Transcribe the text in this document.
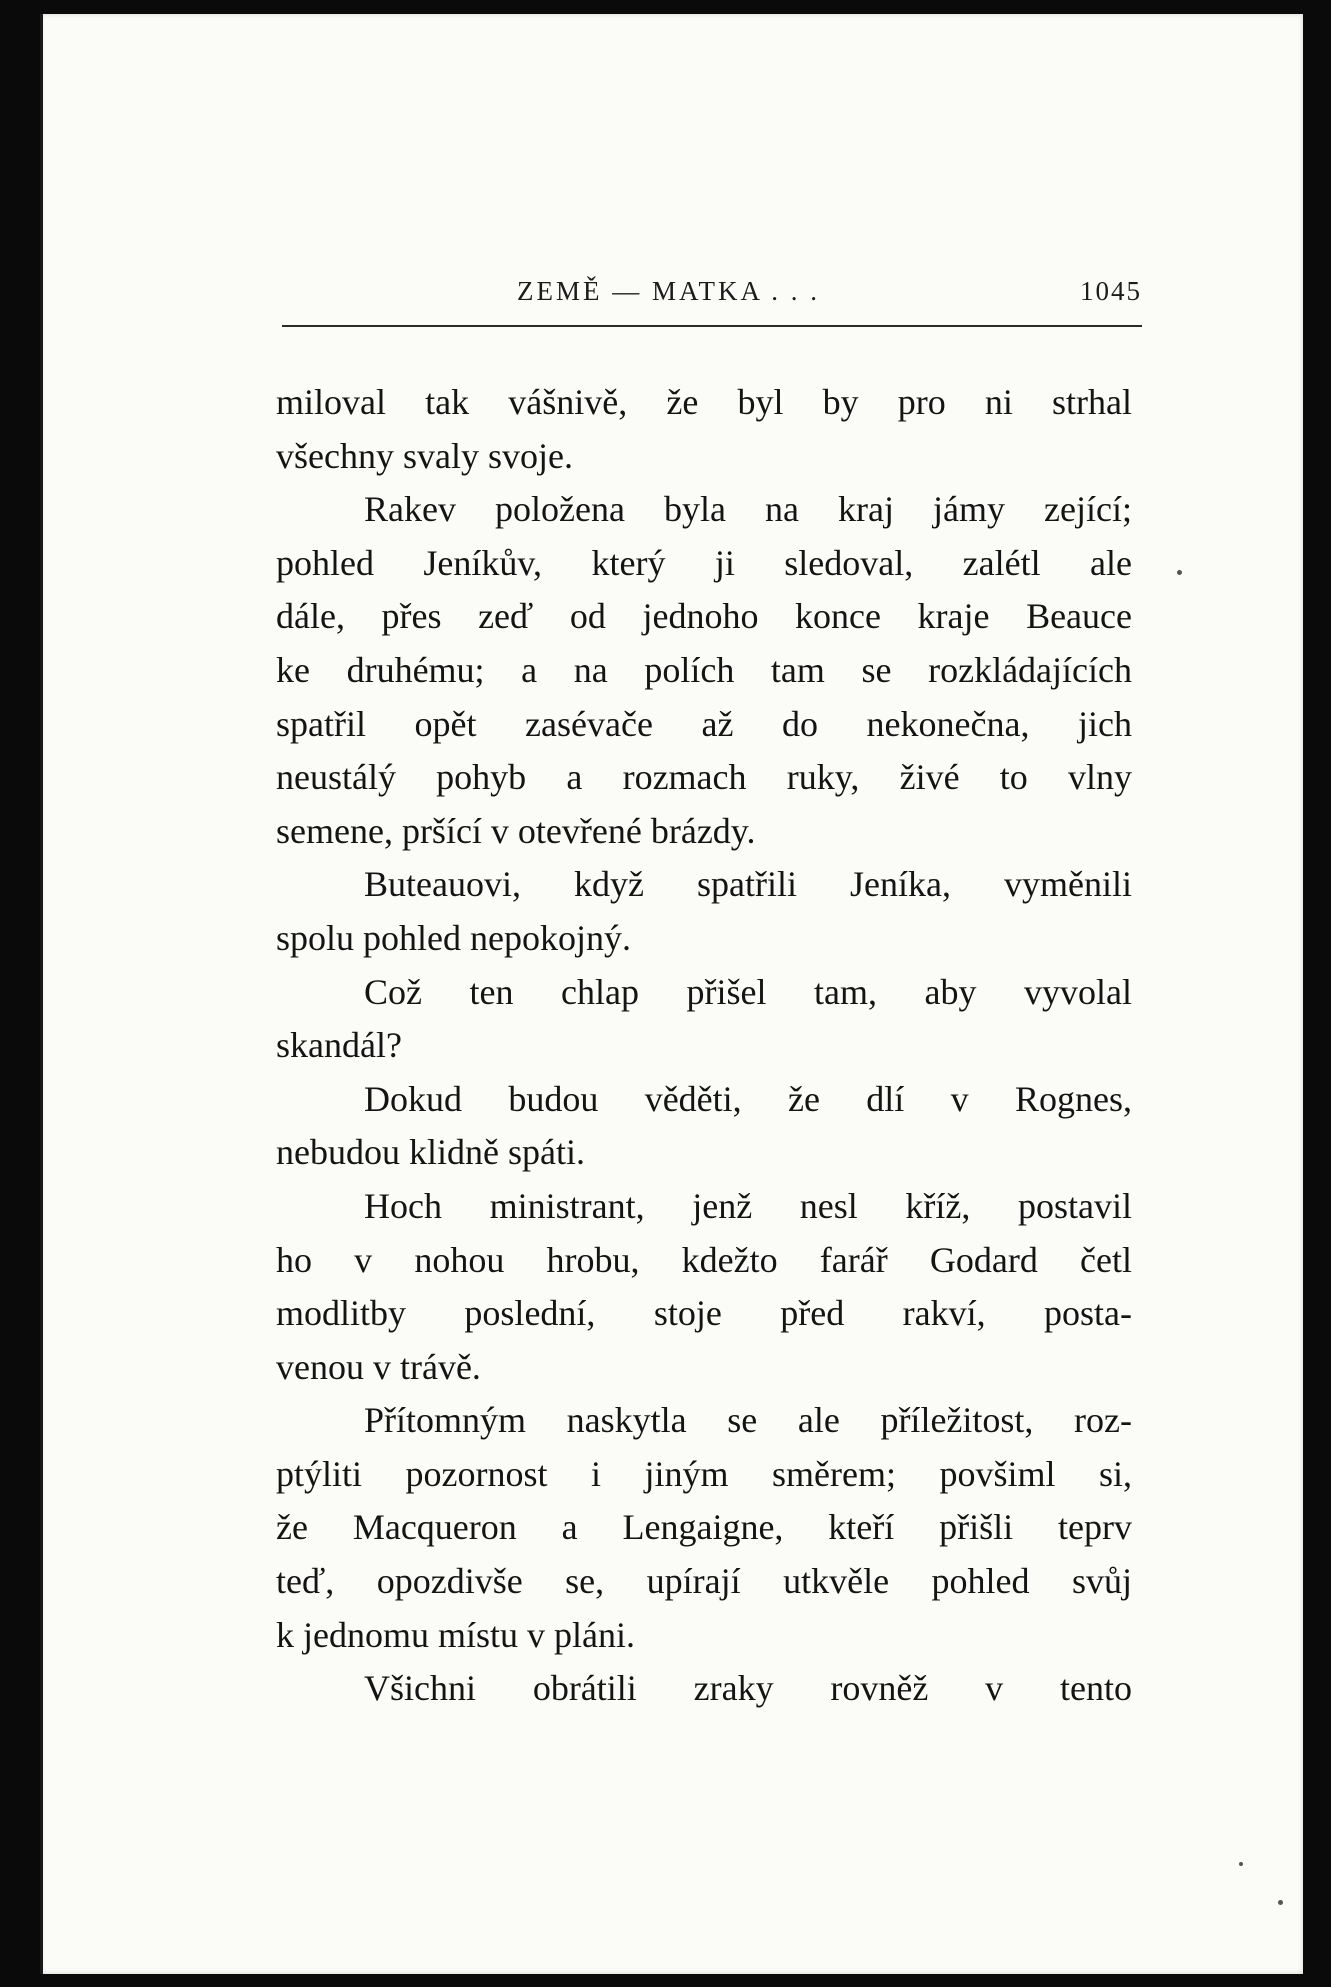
ZEMĚ — MATKA . . .	1045
miloval tak vášnivě, že byl by pro ni strhal
všechny svaly svoje.
Rakev položena byla na kraj jámy zející;
pohled Jeníkův, který ji sledoval, zalétl ale
dále, přes zeď od jednoho konce kraje Beauce
ke druhému; a na polích tam se rozkládajících
spatřil opět zasévače až do nekonečna, jich
neustálý pohyb a rozmach ruky, živé to vlny
semene, pršící v otevřené brázdy.
Buteauovi, když spatřili Jeníka, vyměnili
spolu pohled nepokojný.
Což ten chlap přišel tam, aby vyvolal
skandál?
Dokud budou věděti, že dlí v Rognes,
nebudou klidně spáti.
Hoch ministrant, jenž nesl kříž, postavil
ho v nohou hrobu, kdežto farář Godard četl
modlitby poslední, stoje před rakví, posta-
venou v trávě.
Přítomným naskytla se ale příležitost, roz-
ptýliti pozornost i jiným směrem; povšiml si,
že Macqueron a Lengaigne, kteří přišli teprv
teď, opozdivše se, upírají utkvěle pohled svůj
k jednomu místu v pláni.
Všichni obrátili zraky rovněž v tento
